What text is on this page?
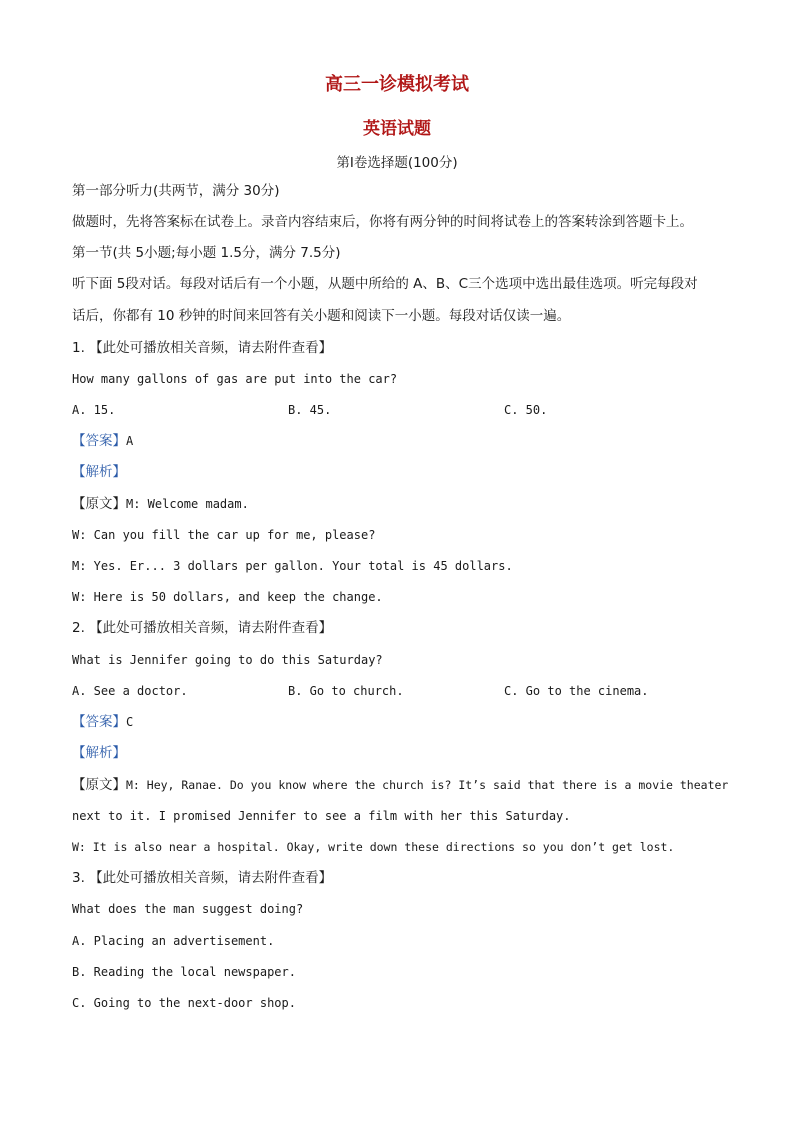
高三一诊模拟考试
英语试题
第I卷选择题(100分)
第一部分听力(共两节，满分 30分)
做题时，先将答案标在试卷上。录音内容结束后，你将有两分钟的时间将试卷上的答案转涂到答题卡上。
第一节(共 5小题;每小题 1.5分，满分 7.5分)
听下面 5段对话。每段对话后有一个小题，从题中所给的 A、B、C三个选项中选出最佳选项。听完每段对
话后，你都有 10 秒钟的时间来回答有关小题和阅读下一小题。每段对话仅读一遍。
1. 【此处可播放相关音频，请去附件查看】
How many gallons of gas are put into the car?
A. 15.	B. 45.	C. 50.
【答案】A
【解析】
【原文】M: Welcome madam.
W: Can you fill the car up for me, please?
M: Yes. Er... 3 dollars per gallon. Your total is 45 dollars.
W: Here is 50 dollars, and keep the change.
2. 【此处可播放相关音频，请去附件查看】
What is Jennifer going to do this Saturday?
A. See a doctor.	B. Go to church.	C. Go to the cinema.
【答案】C
【解析】
【原文】M: Hey, Ranae. Do you know where the church is? It’s said that there is a movie theater
next to it. I promised Jennifer to see a film with her this Saturday.
W: It is also near a hospital. Okay, write down these directions so you don’t get lost.
3. 【此处可播放相关音频，请去附件查看】
What does the man suggest doing?
A. Placing an advertisement.
B. Reading the local newspaper.
C. Going to the next-door shop.
